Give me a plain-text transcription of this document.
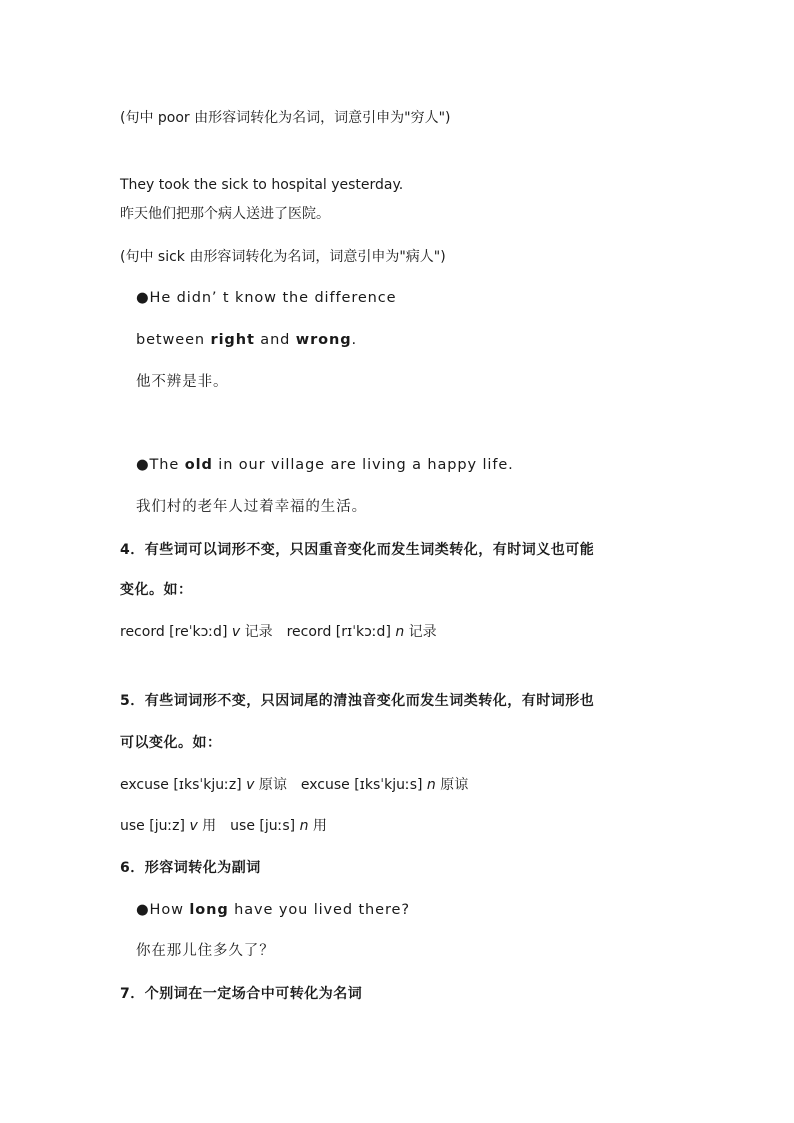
(句中 poor 由形容词转化为名词，词意引申为"穷人")
They took the sick to hospital yesterday.
昨天他们把那个病人送进了医院。
(句中 sick 由形容词转化为名词，词意引申为"病人")
●He didn’ t know the difference
between right and wrong.
他不辨是非。
●The old in our village are living a happy life.
我们村的老年人过着幸福的生活。
4．有些词可以词形不变，只因重音变化而发生词类转化，有时词义也可能
变化。如：
record [reˈkɔːd] v 记录　record [rɪˈkɔːd] n 记录
5．有些词词形不变，只因词尾的清浊音变化而发生词类转化，有时词形也
可以变化。如：
excuse [ɪksˈkjuːz] v 原谅　excuse [ɪksˈkjuːs] n 原谅
use [juːz] v 用　use [juːs] n 用
6．形容词转化为副词
●How long have you lived there?
你在那儿住多久了？
7．个别词在一定场合中可转化为名词
